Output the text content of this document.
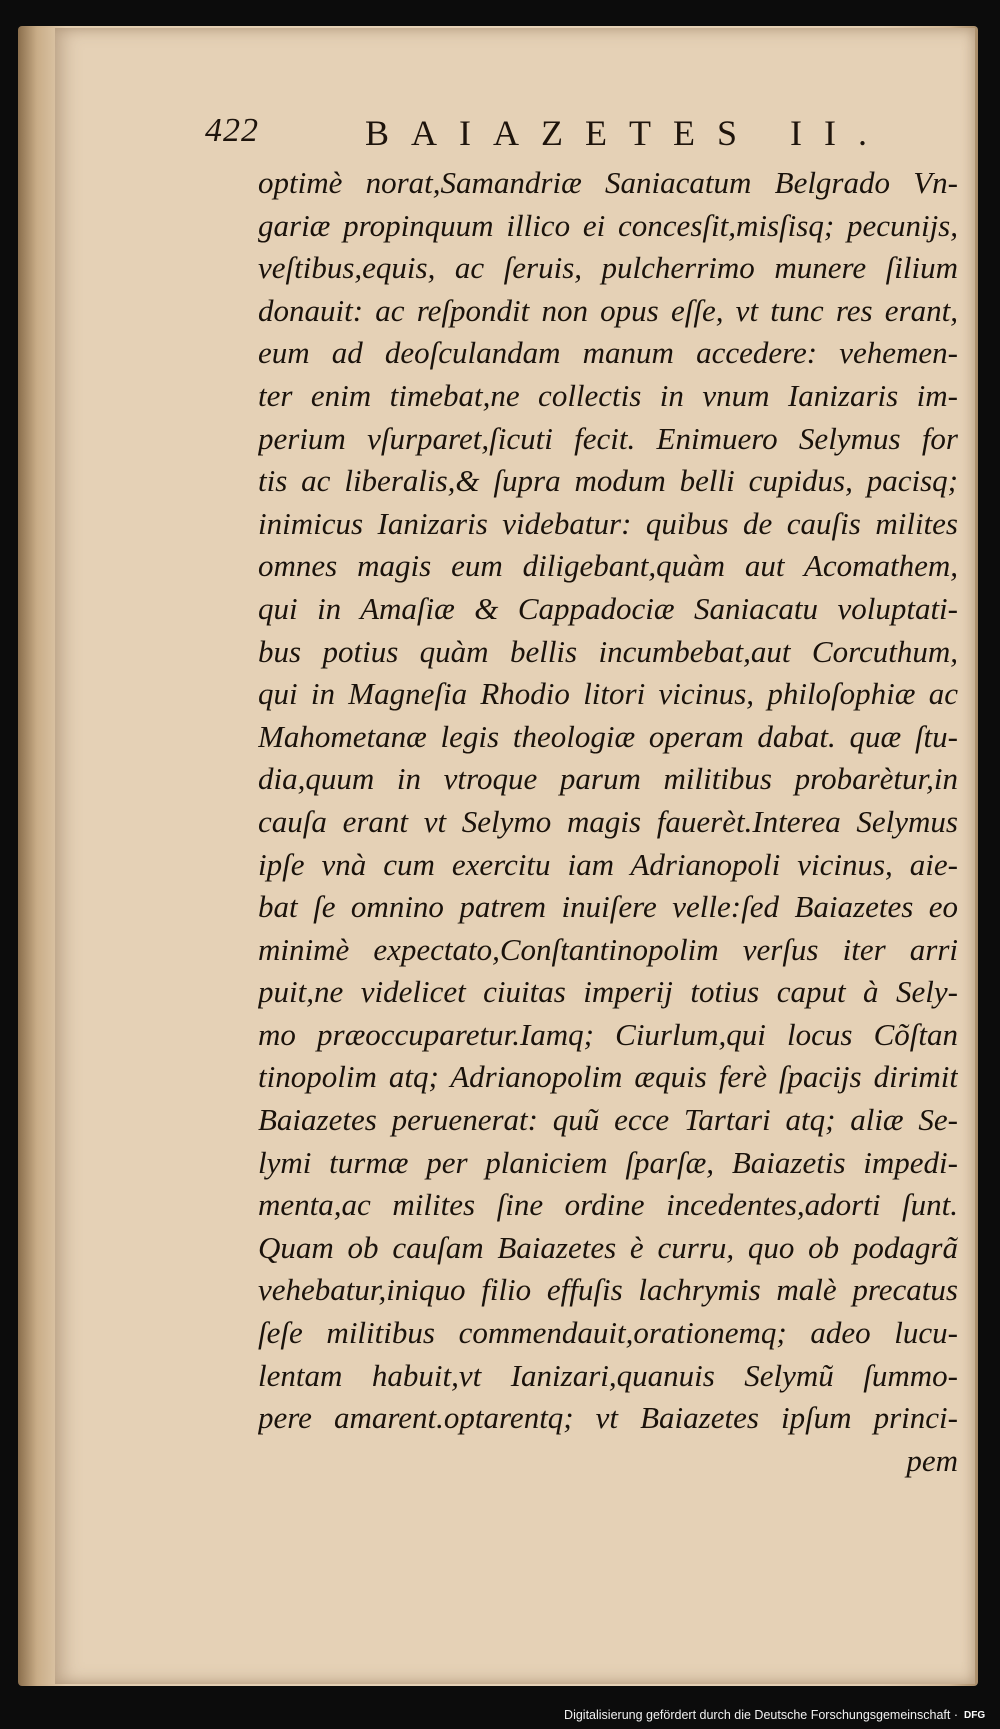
422	BAIAZETES II.
optimè norat,Samandriæ Saniacatum Belgrado Vn-
gariæ propinquum illico ei concesſit,misſisq; pecunijs,
veſtibus,equis, ac ſeruis, pulcherrimo munere ſilium
donauit: ac reſpondit non opus eſſe, vt tunc res erant,
eum ad deoſculandam manum accedere: vehemen-
ter enim timebat,ne collectis in vnum Ianizaris im-
perium vſurparet,ſicuti fecit. Enimuero Selymus for
tis ac liberalis,& ſupra modum belli cupidus, pacisq;
inimicus Ianizaris videbatur: quibus de cauſis milites
omnes magis eum diligebant,quàm aut Acomathem,
qui in Amaſiæ & Cappadociæ Saniacatu voluptati-
bus potius quàm bellis incumbebat,aut Corcuthum,
qui in Magneſia Rhodio litori vicinus, philoſophiæ ac
Mahometanæ legis theologiæ operam dabat. quæ ſtu-
dia,quum in vtroque parum militibus probarètur,in
cauſa erant vt Selymo magis fauerèt.Interea Selymus
ipſe vnà cum exercitu iam Adrianopoli vicinus, aie-
bat ſe omnino patrem inuiſere velle:ſed Baiazetes eo
minimè expectato,Conſtantinopolim verſus iter arri
puit,ne videlicet ciuitas imperij totius caput à Sely-
mo præoccuparetur.Iamq; Ciurlum,qui locus Cõſtan
tinopolim atq; Adrianopolim æquis ferè ſpacijs dirimit
Baiazetes peruenerat: quũ ecce Tartari atq; aliæ Se-
lymi turmæ per planiciem ſparſæ, Baiazetis impedi-
menta,ac milites ſine ordine incedentes,adorti ſunt.
Quam ob cauſam Baiazetes è curru, quo ob podagrã
vehebatur,iniquo filio effuſis lachrymis malè precatus
ſeſe militibus commendauit,orationemq; adeo lucu-
lentam habuit,vt Ianizari,quanuis Selymũ ſummo-
pere amarent.optarentq; vt Baiazetes ipſum princi-
pem
Digitalisierung gefördert durch die Deutsche Forschungsgemeinschaft · DFG
